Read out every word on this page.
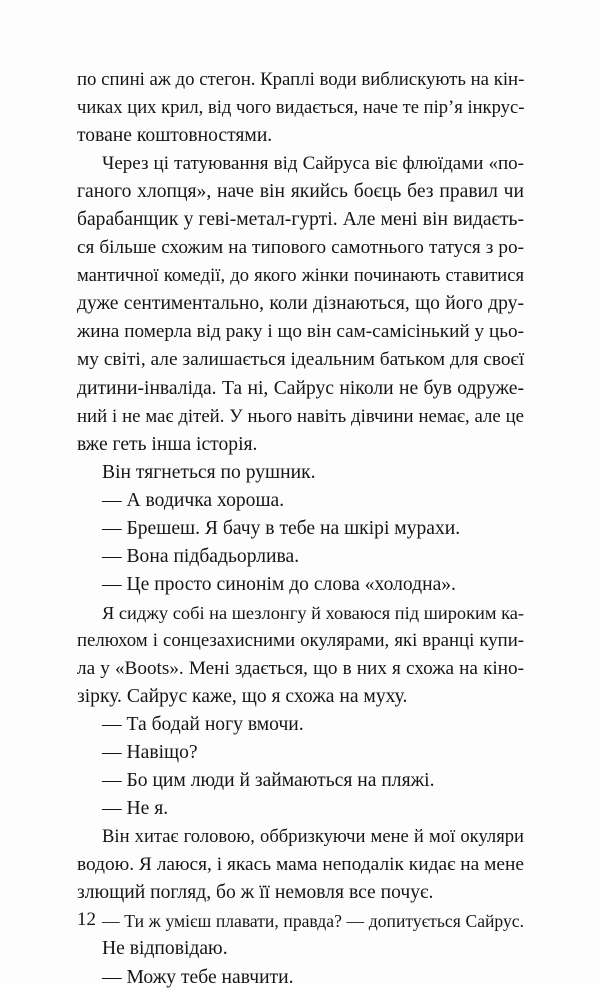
по спині аж до стегон. Краплі води виблискують на кін-
чиках цих крил, від чого видається, наче те пір’я інкрус-
товане коштовностями.
Через ці татуювання від Сайруса віє флюїдами «по-
ганого хлопця», наче він якийсь боєць без правил чи
барабанщик у геві-метал-гурті. Але мені він видаєть-
ся більше схожим на типового самотнього татуся з ро-
мантичної комедії, до якого жінки починають ставитися
дуже сентиментально, коли дізнаються, що його дру-
жина померла від раку і що він сам-самісінький у цьо-
му світі, але залишається ідеальним батьком для своєї
дитини-інваліда. Та ні, Сайрус ніколи не був одруже-
ний і не має дітей. У нього навіть дівчини немає, але це
вже геть інша історія.
Він тягнеться по рушник.
— А водичка хороша.
— Брешеш. Я бачу в тебе на шкірі мурахи.
— Вона підбадьорлива.
— Це просто синонім до слова «холодна».
Я сиджу собі на шезлонгу й ховаюся під широким ка-
пелюхом і сонцезахисними окулярами, які вранці купи-
ла у «Boots». Мені здається, що в них я схожа на кіно-
зірку. Сайрус каже, що я схожа на муху.
— Та бодай ногу вмочи.
— Навіщо?
— Бо цим люди й займаються на пляжі.
— Не я.
Він хитає головою, оббризкуючи мене й мої окуляри
водою. Я лаюся, і якась мама неподалік кидає на мене
злющий погляд, бо ж її немовля все почує.
— Ти ж умієш плавати, правда? — допитується Сайрус.
Не відповідаю.
— Можу тебе навчити.
12
